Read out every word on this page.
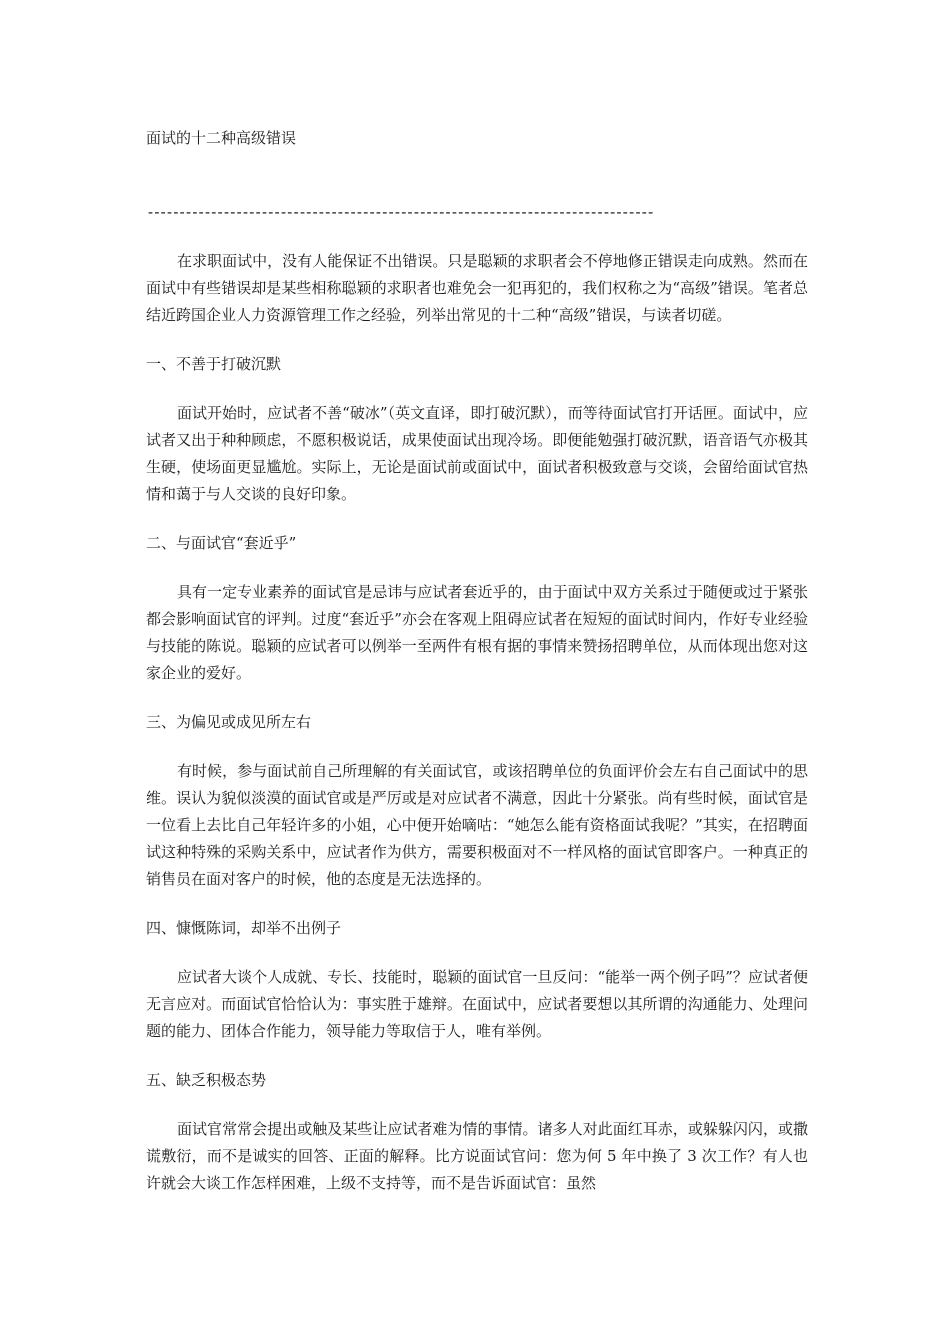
面试的十二种高级错误
--------------------------------------------------------------------------------

在求职面试中，没有人能保证不出错误。只是聪颖的求职者会不停地修正错误走向成熟。然而在面试中有些错误却是某些相称聪颖的求职者也难免会一犯再犯的，我们权称之为“高级”错误。笔者总结近跨国企业人力资源管理工作之经验，列举出常见的十二种“高级”错误，与读者切磋。

一、不善于打破沉默

面试开始时，应试者不善“破冰”（英文直译，即打破沉默），而等待面试官打开话匣。面试中，应试者又出于种种顾虑，不愿积极说话，成果使面试出现冷场。即便能勉强打破沉默，语音语气亦极其生硬，使场面更显尴尬。实际上，无论是面试前或面试中，面试者积极致意与交谈，会留给面试官热情和蔼于与人交谈的良好印象。

二、与面试官“套近乎”

具有一定专业素养的面试官是忌讳与应试者套近乎的，由于面试中双方关系过于随便或过于紧张都会影响面试官的评判。过度“套近乎”亦会在客观上阻碍应试者在短短的面试时间内，作好专业经验与技能的陈说。聪颖的应试者可以例举一至两件有根有据的事情来赞扬招聘单位，从而体现出您对这家企业的爱好。

三、为偏见或成见所左右

有时候，参与面试前自己所理解的有关面试官，或该招聘单位的负面评价会左右自己面试中的思维。误认为貌似淡漠的面试官或是严厉或是对应试者不满意，因此十分紧张。尚有些时候，面试官是一位看上去比自己年轻许多的小姐，心中便开始嘀咕：“她怎么能有资格面试我呢？”其实，在招聘面试这种特殊的采购关系中，应试者作为供方，需要积极面对不一样风格的面试官即客户。一种真正的销售员在面对客户的时候，他的态度是无法选择的。

四、慷慨陈词，却举不出例子

应试者大谈个人成就、专长、技能时，聪颖的面试官一旦反问：“能举一两个例子吗”？应试者便无言应对。而面试官恰恰认为：事实胜于雄辩。在面试中，应试者要想以其所谓的沟通能力、处理问题的能力、团体合作能力，领导能力等取信于人，唯有举例。

五、缺乏积极态势

面试官常常会提出或触及某些让应试者难为情的事情。诸多人对此面红耳赤，或躲躲闪闪，或撒谎敷衍，而不是诚实的回答、正面的解释。比方说面试官问：您为何 5 年中换了 3 次工作？有人也许就会大谈工作怎样困难，上级不支持等，而不是告诉面试官：虽然
